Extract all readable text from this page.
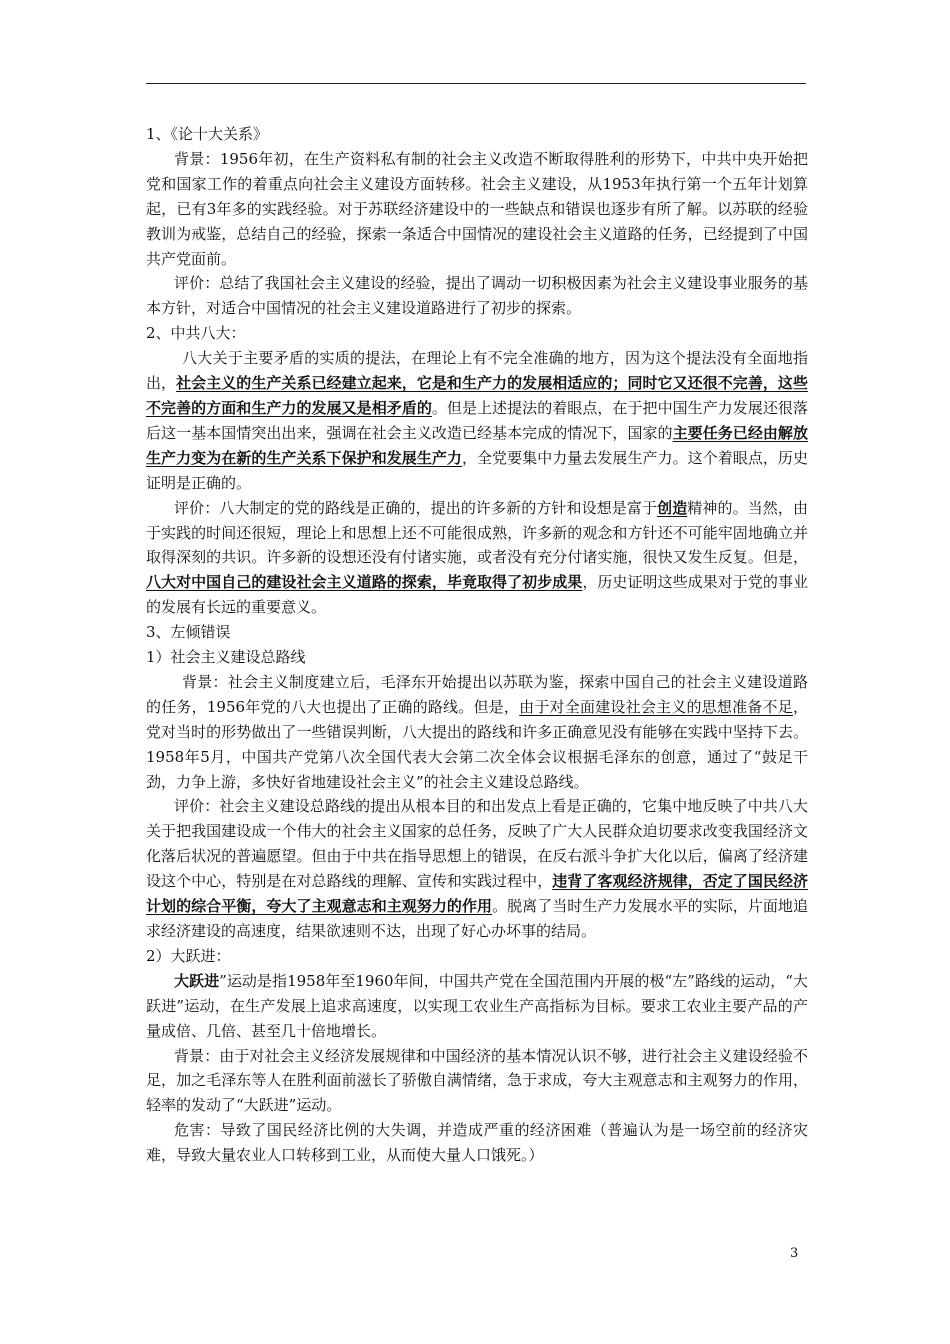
1、《论十大关系》

背景：1956年初，在生产资料私有制的社会主义改造不断取得胜利的形势下，中共中央开始把党和国家工作的着重点向社会主义建设方面转移。社会主义建设，从1953年执行第一个五年计划算起，已有3年多的实践经验。对于苏联经济建设中的一些缺点和错误也逐步有所了解。以苏联的经验教训为戒鉴，总结自己的经验，探索一条适合中国情况的建设社会主义道路的任务，已经提到了中国共产党面前。

评价：总结了我国社会主义建设的经验，提出了调动一切积极因素为社会主义建设事业服务的基本方针，对适合中国情况的社会主义建设道路进行了初步的探索。

2、中共八大：

八大关于主要矛盾的实质的提法，在理论上有不完全准确的地方，因为这个提法没有全面地指出，社会主义的生产关系已经建立起来，它是和生产力的发展相适应的；同时它又还很不完善，这些不完善的方面和生产力的发展又是相矛盾的。但是上述提法的着眼点，在于把中国生产力发展还很落后这一基本国情突出出来，强调在社会主义改造已经基本完成的情况下，国家的主要任务已经由解放生产力变为在新的生产关系下保护和发展生产力，全党要集中力量去发展生产力。这个着眼点，历史证明是正确的。

评价：八大制定的党的路线是正确的，提出的许多新的方针和设想是富于创造精神的。当然，由于实践的时间还很短，理论上和思想上还不可能很成熟，许多新的观念和方针还不可能牢固地确立并取得深刻的共识。许多新的设想还没有付诸实施，或者没有充分付诸实施，很快又发生反复。但是，八大对中国自己的建设社会主义道路的探索，毕竟取得了初步成果，历史证明这些成果对于党的事业的发展有长远的重要意义。

3、左倾错误

1）社会主义建设总路线

背景：社会主义制度建立后，毛泽东开始提出以苏联为鉴，探索中国自己的社会主义建设道路的任务，1956年党的八大也提出了正确的路线。但是，由于对全面建设社会主义的思想准备不足，党对当时的形势做出了一些错误判断，八大提出的路线和许多正确意见没有能够在实践中坚持下去。1958年5月，中国共产党第八次全国代表大会第二次全体会议根据毛泽东的创意，通过了“鼓足干劲，力争上游，多快好省地建设社会主义”的社会主义建设总路线。

评价：社会主义建设总路线的提出从根本目的和出发点上看是正确的，它集中地反映了中共八大关于把我国建设成一个伟大的社会主义国家的总任务，反映了广大人民群众迫切要求改变我国经济文化落后状况的普遍愿望。但由于中共在指导思想上的错误，在反右派斗争扩大化以后，偏离了经济建设这个中心，特别是在对总路线的理解、宣传和实践过程中，违背了客观经济规律，否定了国民经济计划的综合平衡，夸大了主观意志和主观努力的作用。脱离了当时生产力发展水平的实际，片面地追求经济建设的高速度，结果欲速则不达，出现了好心办坏事的结局。

2）大跃进：

大跃进”运动是指1958年至1960年间，中国共产党在全国范围内开展的极“左”路线的运动，“大跃进”运动，在生产发展上追求高速度，以实现工农业生产高指标为目标。要求工农业主要产品的产量成倍、几倍、甚至几十倍地增长。

背景：由于对社会主义经济发展规律和中国经济的基本情况认识不够，进行社会主义建设经验不足，加之毛泽东等人在胜利面前滋长了骄傲自满情绪，急于求成，夸大主观意志和主观努力的作用，轻率的发动了“大跃进”运动。

危害：导致了国民经济比例的大失调，并造成严重的经济困难（普遍认为是一场空前的经济灾难，导致大量农业人口转移到工业，从而使大量人口饿死。）

3
